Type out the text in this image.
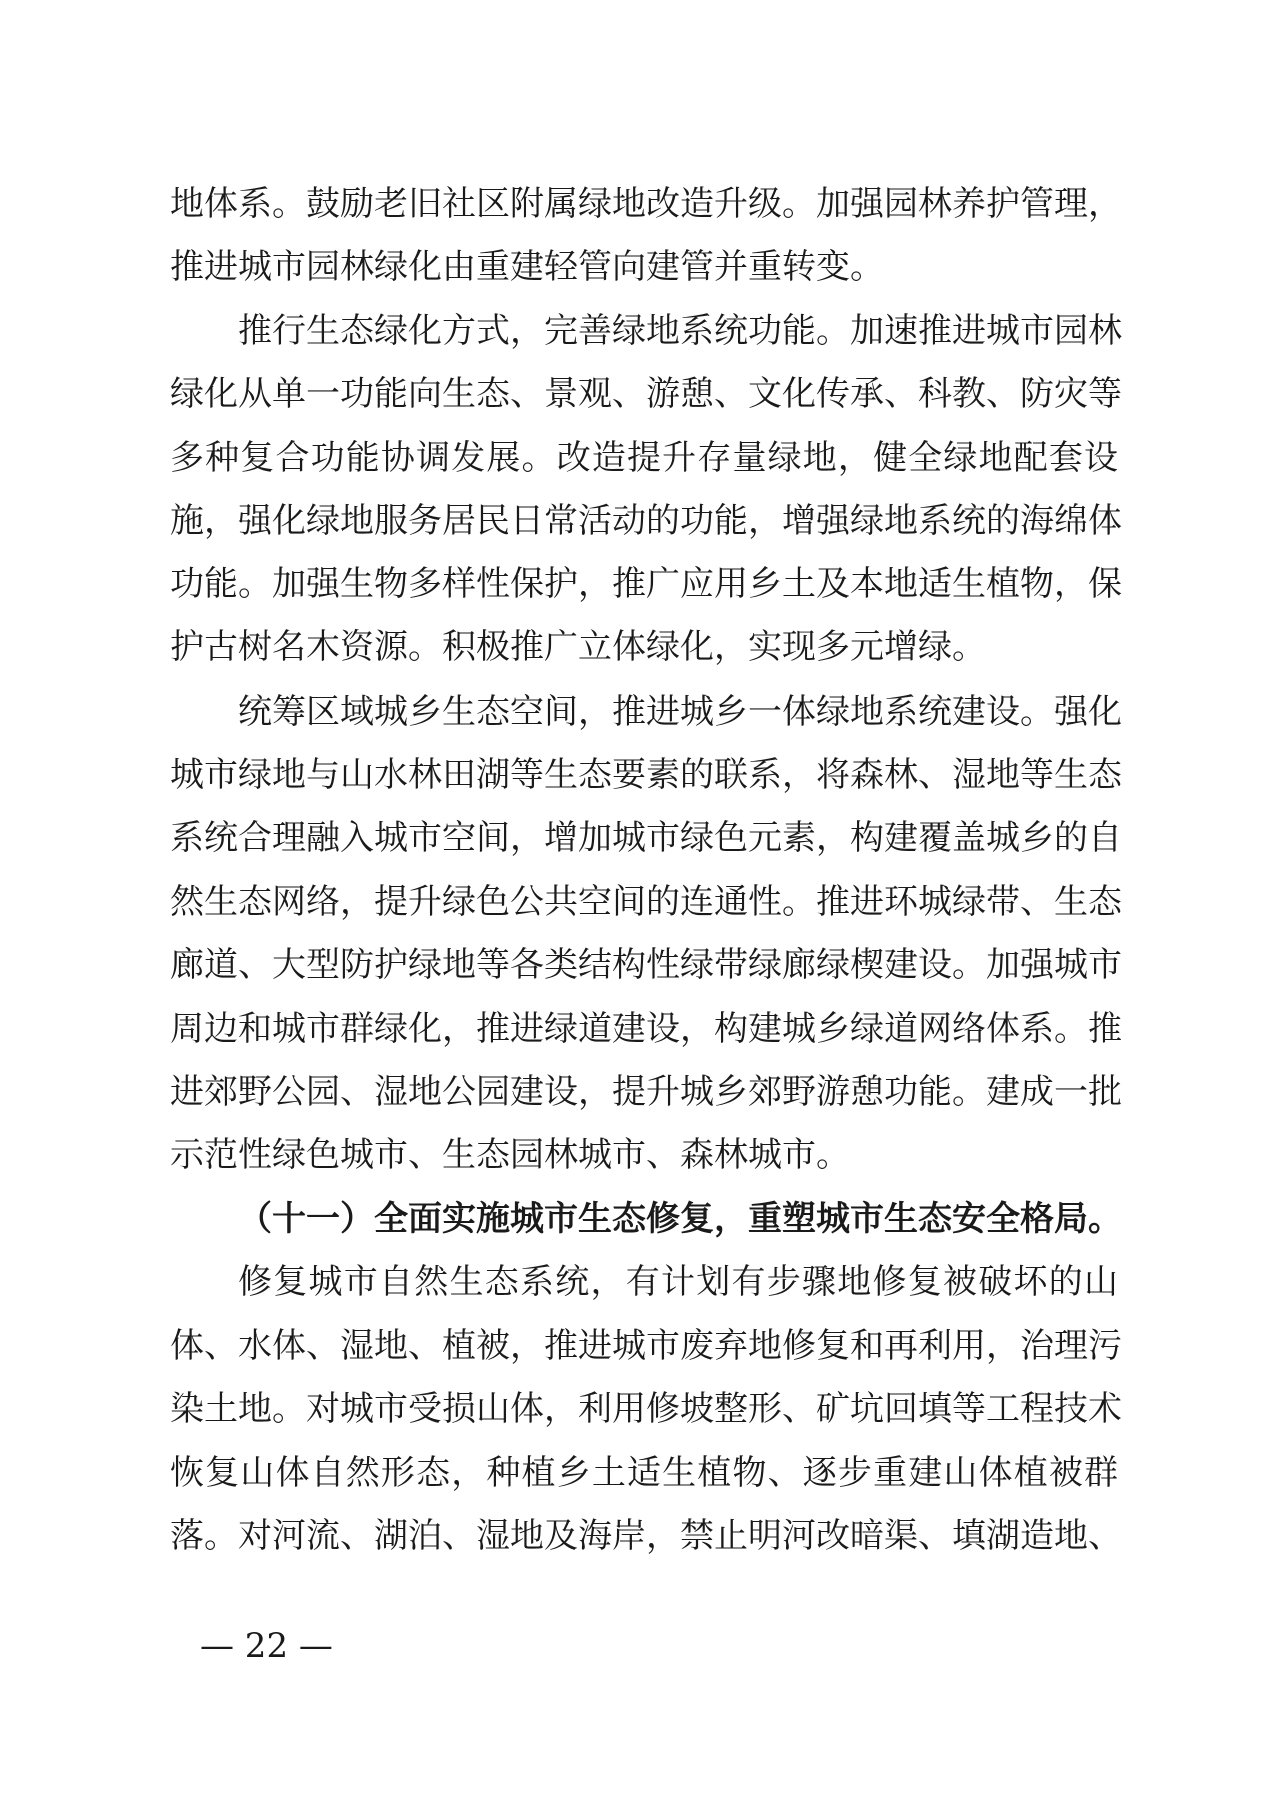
地体系。鼓励老旧社区附属绿地改造升级。加强园林养护管理，
推进城市园林绿化由重建轻管向建管并重转变。
推行生态绿化方式，完善绿地系统功能。加速推进城市园林
绿化从单一功能向生态、景观、游憩、文化传承、科教、防灾等
多种复合功能协调发展。改造提升存量绿地，健全绿地配套设
施，强化绿地服务居民日常活动的功能，增强绿地系统的海绵体
功能。加强生物多样性保护，推广应用乡土及本地适生植物，保
护古树名木资源。积极推广立体绿化，实现多元增绿。
统筹区域城乡生态空间，推进城乡一体绿地系统建设。强化
城市绿地与山水林田湖等生态要素的联系，将森林、湿地等生态
系统合理融入城市空间，增加城市绿色元素，构建覆盖城乡的自
然生态网络，提升绿色公共空间的连通性。推进环城绿带、生态
廊道、大型防护绿地等各类结构性绿带绿廊绿楔建设。加强城市
周边和城市群绿化，推进绿道建设，构建城乡绿道网络体系。推
进郊野公园、湿地公园建设，提升城乡郊野游憩功能。建成一批
示范性绿色城市、生态园林城市、森林城市。
（十一）全面实施城市生态修复，重塑城市生态安全格局。
修复城市自然生态系统，有计划有步骤地修复被破坏的山
体、水体、湿地、植被，推进城市废弃地修复和再利用，治理污
染土地。对城市受损山体，利用修坡整形、矿坑回填等工程技术
恢复山体自然形态，种植乡土适生植物、逐步重建山体植被群
落。对河流、湖泊、湿地及海岸，禁止明河改暗渠、填湖造地、
— 22 —
